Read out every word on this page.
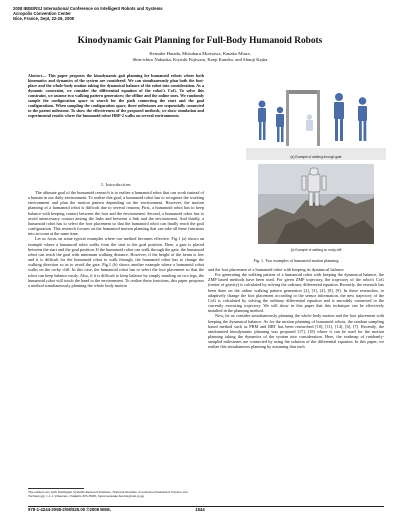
2008 IEEE/RSJ International Conference on Intelligent Robots and Systems
Acropolis Convention Center
Nice, France, Sept, 22-26, 2008
Kinodynamic Gait Planning for Full-Body Humanoid Robots
Kensuke Harada, Mitsuharu Morisawa, Kanako Miura,
Shin-ichiro Nakaoka, Kiyoshi Fujiwara, Kenji Kaneko, and Shuuji Kajita
Abstract— This paper proposes the kinodynamic gait planning for humanoid robots where both kinematics and dynamics of the system are considered. We can simultaneously plan both the foot-place and the whole-body motion taking the dynamical balance of the robot into consideration. As a dynamic constraint, we consider the differential equation of the robot's CoG. To solve this constraint, we assume two walking pattern generators; the offline and the online ones. We randomly sample the configuration space to search for the path connecting the start and the goal configurations. When sampling the configuration space, three milestones are sequentially connected to the parent milestone. To show the effectiveness of the proposed methods, we show simulation and experimental results where the humanoid robot HRP-2 walks on several environments.
I. Introduction

The ultimate goal of the humanoid research is to realize a humanoid robot that can work instead of a human in our daily environment. To realize this goal, a humanoid robot has to recognize the working environment and plan the motion pattern depending on the environment. However, the motion planning of a humanoid robot is difficult due to several reasons; First, a humanoid robot has to keep balance with keeping contact between the foot and the environment. Second, a humanoid robot has to avoid unnecessary contact among the links and between a link and the environment. And thirdly, a humanoid robot has to select the foot placement so that the humanoid robot can finally reach the goal configuration. This research focuses on the humanoid motion planning that can take all these functions into account at the same time.

Let us focus on some typical examples where our method becomes effective. Fig.1 (a) shows an example where a humanoid robot walks from the start to the goal position. Here, a gate is placed between the start and the goal position. If the humanoid robot can walk through the gate, the humanoid robot can reach the goal with minimum walking distance. However, if the height of the beam is low and it is difficult for the humanoid robot to walk through, the humanoid robot has to change the walking direction so as to avoid the gate. Fig.1 (b) shows another example where a humanoid robot walks on the rocky cliff. In this case, the humanoid robot has to select the foot placement so that the robot can keep balance easily. Also, if it is difficult to keep balance by simply standing on two legs, the humanoid robot will touch the hand to the environment. To realize these functions, this paper proposes a method simultaneously planning the whole body motion

The authors are with Intelligent Systems Research Institute, National Institute of Advanced Industrial Science and Technology, 1-1-1 Umezono, Tsukuba 305-8568, Japan kensuke.harada@aist.go.jp
(a) Example of walking through gate
(b) Example of walking on rocky cliff
Fig. 1. Two examples of humanoid motion planning

and the foot placement of a humanoid robot with keeping its dynamical balance.

For generating the walking pattern of a humanoid robot with keeping the dynamical balance, the ZMP based methods have been used. For given ZMP trajectory, the trajectory of the robot's CoG (center of gravity) is calculated by solving the ordinary differential equation. Recently, the research has been done on the online walking pattern generation [2], [3], [4], [8], [9]. In these researches, to adaptively change the foot placement according to the sensor information, the new trajectory of the CoG is calculated by solving the ordinary differential equation and is smoothly connected to the currently executing trajectory. We will show in this paper that this technique can be effectively installed in the planning method.

Now, let us consider simultaneously planning the whole body motion and the foot placement with keeping the dynamical balance. As for the motion planning of humanoid robots, the random sampling based method such as PRM and RRT has been researched [10], [11], [14], [6], [7]. Recently, the randomized kinodynamic planning was proposed [17], [18] where it can be used for the motion planning taking the dynamics of the system into consideration. Here, the roadmap of randomly-sampled milestones are connected by using the solution of the differential equation. In this paper, we realize this simultaneous planning by assuming that each

978-1-4244-2058-2/08/$25.00 ©2008 IEEE.	1544
